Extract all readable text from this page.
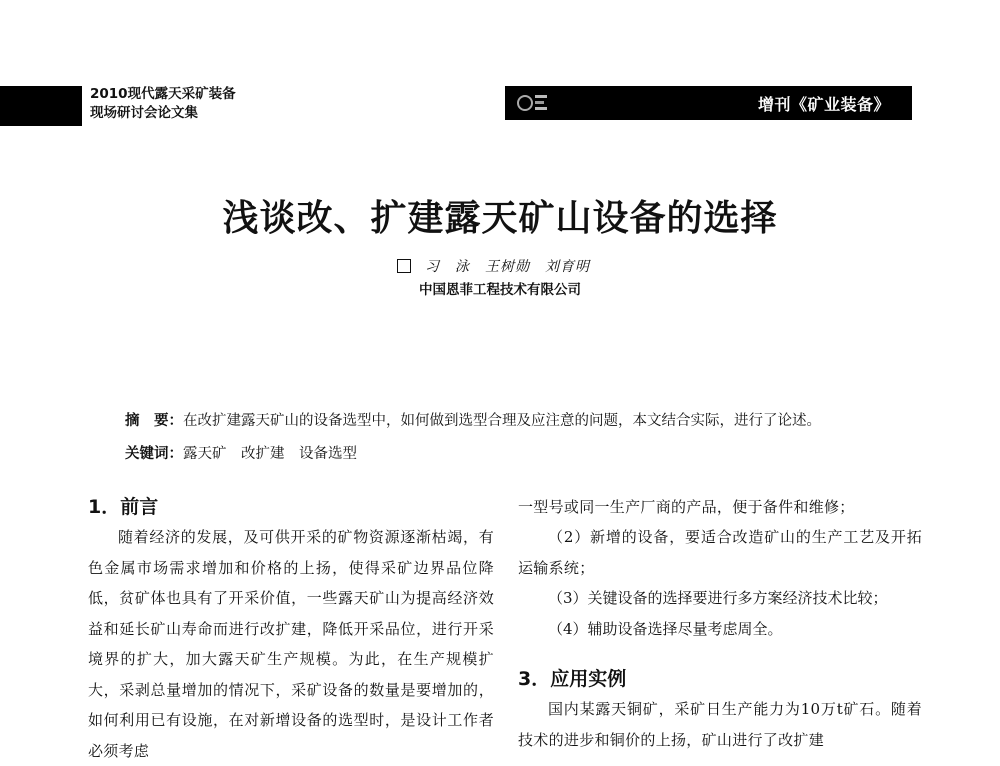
2010现代露天采矿装备
现场研讨会论文集	增刊《矿业装备》
浅谈改、扩建露天矿山设备的选择
习　泳　王树勋　刘育明
中国恩菲工程技术有限公司
摘　要：在改扩建露天矿山的设备选型中，如何做到选型合理及应注意的问题，本文结合实际，进行了论述。
关键词：露天矿　改扩建　设备选型
1．前言

随着经济的发展，及可供开采的矿物资源逐渐枯竭，有色金属市场需求增加和价格的上扬，使得采矿边界品位降低，贫矿体也具有了开采价值，一些露天矿山为提高经济效益和延长矿山寿命而进行改扩建，降低开采品位，进行开采境界的扩大，加大露天矿生产规模。为此，在生产规模扩大，采剥总量增加的情况下，采矿设备的数量是要增加的，如何利用已有设施，在对新增设备的选型时，是设计工作者必须考虑

一型号或同一生产厂商的产品，便于备件和维修；

（2）新增的设备，要适合改造矿山的生产工艺及开拓运输系统；

（3）关键设备的选择要进行多方案经济技术比较；

（4）辅助设备选择尽量考虑周全。

3．应用实例

国内某露天铜矿，采矿日生产能力为10万t矿石。随着技术的进步和铜价的上扬，矿山进行了改扩建
